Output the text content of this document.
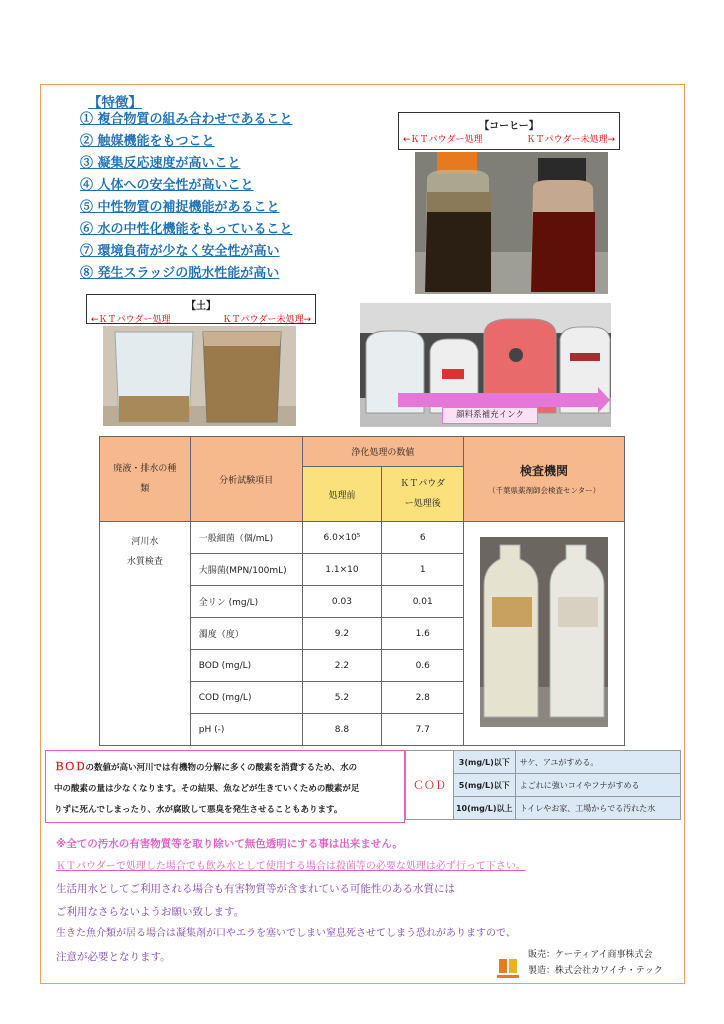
【特徴】
① 複合物質の組み合わせであること
② 触媒機能をもつこと
③ 凝集反応速度が高いこと
④ 人体への安全性が高いこと
⑤ 中性物質の補捉機能があること
⑥ 水の中性化機能をもっていること
⑦ 環境負荷が少なく安全性が高い
⑧ 発生スラッジの脱水性能が高い
【コーヒー】
←ＫＴパウダー処理	ＫＴパウダー未処理→
【土】
←ＫＴパウダー処理	ＫＴパウダー未処理→
顔料系補充インク
廃液・排水の種類	分析試験項目	浄化処理の数値		検査機関
（千葉県薬剤師会検査センター）

		処理前	ＫＴパウダー処理後	

河川水
水質検査	一般細菌（個/mL)	6.0×10⁵	6	
	大腸菌(MPN/100mL)	1.1×10	1	
	全リン (mg/L)	0.03	0.01	
	濁度（度）	9.2	1.6	
	BOD (mg/L)	2.2	0.6	
	COD (mg/L)	5.2	2.8	
	pH (-)	8.8	7.7	
ＢＯＤの数値が高い河川では有機物の分解に多くの酸素を消費するため、水の
中の酸素の量は少なくなります。その結果、魚などが生きていくための酸素が足
りずに死んでしまったり、水が腐敗して悪臭を発生させることもあります。
ＣＯＤ	3(mg/L)以下	サケ、アユがすめる。
	5(mg/L)以下	よごれに強いコイやフナがすめる
	10(mg/L)以上	トイレやお家、工場からでる汚れた水
※全ての汚水の有害物質等を取り除いて無色透明にする事は出来ません。
ＫＴパウダーで処理した場合でも飲み水として使用する場合は殺菌等の必要な処理は必ず行って下さい。
生活用水としてご利用される場合も有害物質等が含まれている可能性のある水質には
ご利用なさらないようお願い致します。
生きた魚介類が居る場合は凝集剤が口やエラを塞いでしまい窒息死させてしまう恐れがありますので、
注意が必要となります。	販売：ケーティアイ商事株式会
製造：株式会社カワイチ・テック
